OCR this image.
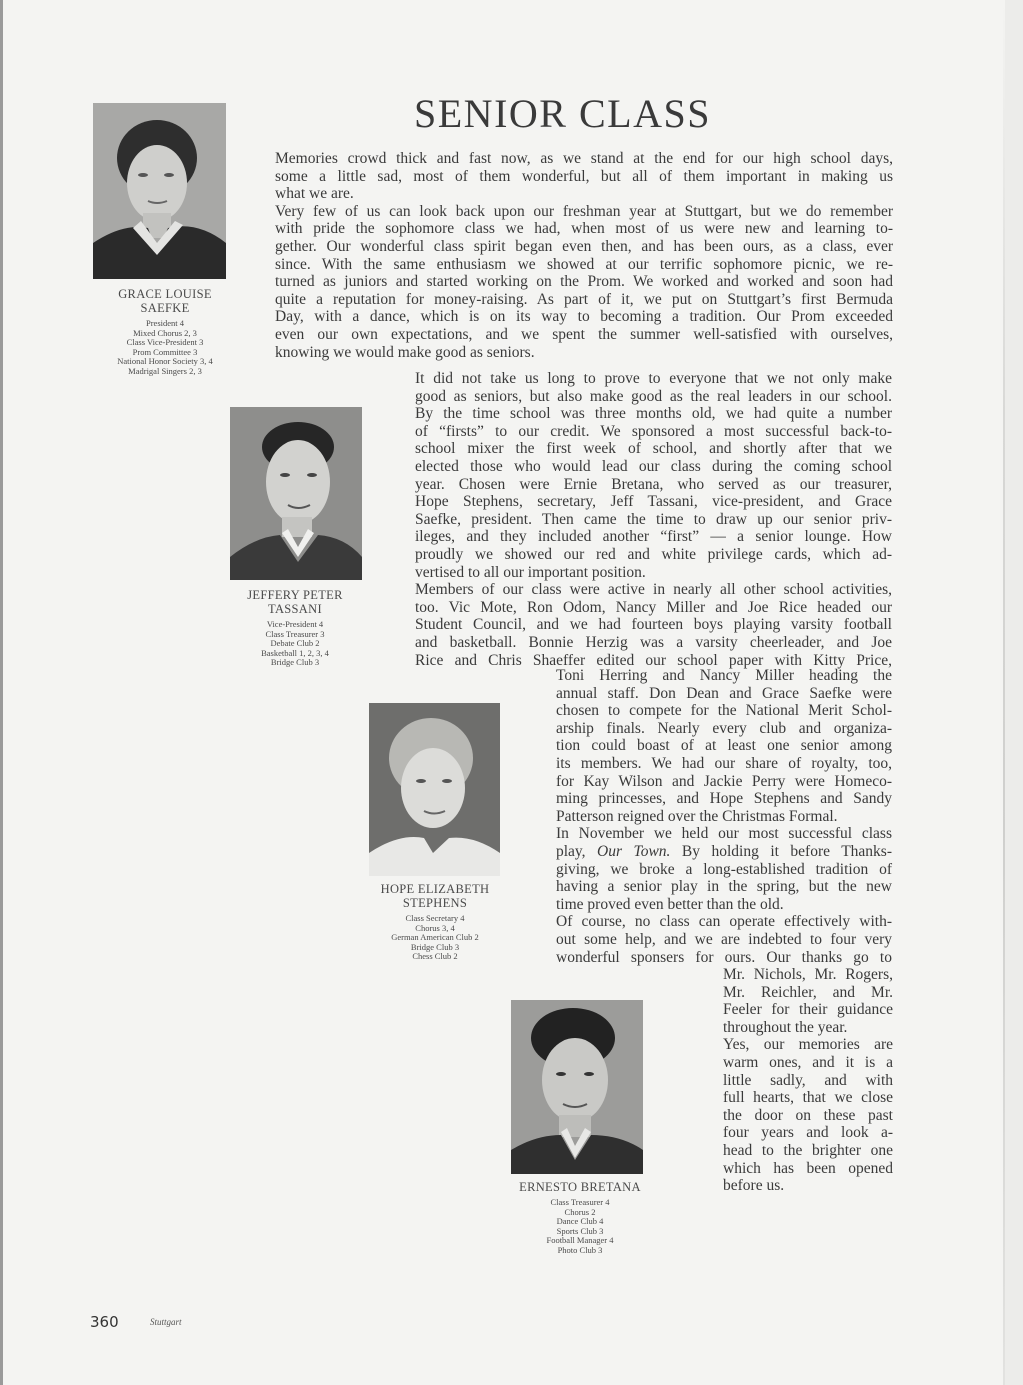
SENIOR CLASS
GRACE LOUISE
SAEFKE
President 4
Mixed Chorus 2, 3
Class Vice-President 3
Prom Committee 3
National Honor Society 3, 4
Madrigal Singers 2, 3
JEFFERY PETER
TASSANI
Vice-President 4
Class Treasurer 3
Debate Club 2
Basketball 1, 2, 3, 4
Bridge Club 3
HOPE ELIZABETH
STEPHENS
Class Secretary 4
Chorus 3, 4
German American Club 2
Bridge Club 3
Chess Club 2
ERNESTO BRETANA
Class Treasurer 4
Chorus 2
Dance Club 4
Sports Club 3
Football Manager 4
Photo Club 3
Memories crowd thick and fast now, as we stand at the end for our high school days,
some a little sad, most of them wonderful, but all of them important in making us
what we are.
Very few of us can look back upon our freshman year at Stuttgart, but we do remember
with pride the sophomore class we had, when most of us were new and learning to-
gether. Our wonderful class spirit began even then, and has been ours, as a class, ever
since. With the same enthusiasm we showed at our terrific sophomore picnic, we re-
turned as juniors and started working on the Prom. We worked and worked and soon had
quite a reputation for money-raising. As part of it, we put on Stuttgart’s first Bermuda
Day, with a dance, which is on its way to becoming a tradition. Our Prom exceeded
even our own expectations, and we spent the summer well-satisfied with ourselves,
knowing we would make good as seniors.
It did not take us long to prove to everyone that we not only make
good as seniors, but also make good as the real leaders in our school.
By the time school was three months old, we had quite a number
of “firsts” to our credit. We sponsored a most successful back-to-
school mixer the first week of school, and shortly after that we
elected those who would lead our class during the coming school
year. Chosen were Ernie Bretana, who served as our treasurer,
Hope Stephens, secretary, Jeff Tassani, vice-president, and Grace
Saefke, president. Then came the time to draw up our senior priv-
ileges, and they included another “first” — a senior lounge. How
proudly we showed our red and white privilege cards, which ad-
vertised to all our important position.
Members of our class were active in nearly all other school activities,
too. Vic Mote, Ron Odom, Nancy Miller and Joe Rice headed our
Student Council, and we had fourteen boys playing varsity football
and basketball. Bonnie Herzig was a varsity cheerleader, and Joe
Rice and Chris Shaeffer edited our school paper with Kitty Price,
Toni Herring and Nancy Miller heading the
annual staff. Don Dean and Grace Saefke were
chosen to compete for the National Merit Schol-
arship finals. Nearly every club and organiza-
tion could boast of at least one senior among
its members. We had our share of royalty, too,
for Kay Wilson and Jackie Perry were Homeco-
ming princesses, and Hope Stephens and Sandy
Patterson reigned over the Christmas Formal.
In November we held our most successful class
play, Our Town. By holding it before Thanks-
giving, we broke a long-established tradition of
having a senior play in the spring, but the new
time proved even better than the old.
Of course, no class can operate effectively with-
out some help, and we are indebted to four very
wonderful sponsers for ours. Our thanks go to
Mr. Nichols, Mr. Rogers,
Mr. Reichler, and Mr.
Feeler for their guidance
throughout the year.
Yes, our memories are
warm ones, and it is a
little sadly, and with
full hearts, that we close
the door on these past
four years and look a-
head to the brighter one
which has been opened
before us.
360	Stuttgart
